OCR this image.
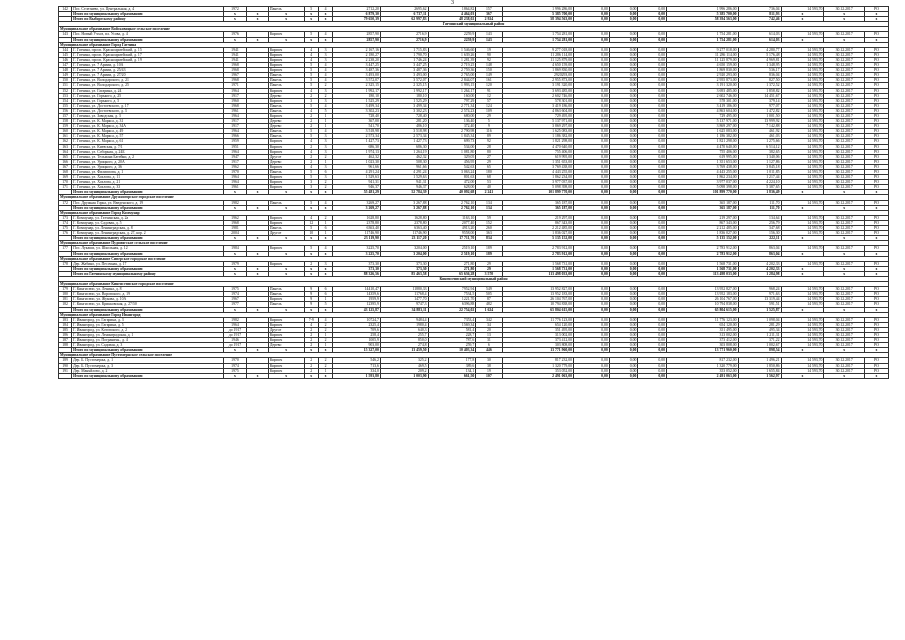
3
142	Пос. Селезнево, ул. Центральная, д. 4	1972		Панель	5	4	2712,20	2695,62	1864,82	157	1 996 286,00	0,00	0,00	0,00	1 996 286,00	736,04	14 593,70	30.12.2017	РО
	Итого по муниципальному образованию	x	x	x	x	x	6 879,30	6 737,11	4 464,03	367	5 385 700,00	0,00	0,00	0,00	5 385 700,00	811,93	x	x	x
	Итого по Выборгскому району	x	x	x	x	x	79 650,39	62 997,83	48 238,02	2 924	58 394 563,00	0,00	0,00	0,00	58 394 563,00	742,46	x	x	x
Гатчинский муниципальный район																			
Муниципальное образование Войсковицкое сельское поселение																			
143	Пос. Новый Учхоз, пл. Усова, д. 4	1976		Кирпич	5	4	2857,90	2716,9	2259,9	143	1 754 281,00	0,00	0,00	0,00	1 754 281,00	614,03	14 593,70	30.12.2017	РО
	Итого по муниципальному образованию	x	x	x	x	x	2857,90	2716,9	2259,9	143	1 754 281,00	0,00	0,00	0,00	1 754 281,00	614,03	x	x	x
Муниципальное образование Город Гатчина																			
144	Г. Гатчина, просп. Красноармейский, д. 15	1941		Кирпич	4	3	2 167,16	1 715,83	1 546,60	19	9 277 018,00	0,00	0,00	0,00	9 277 018,00	4 280,77	14 593,70	30.12.2017	РО
145	Г. Гатчина, просп. Красноармейский, д. 17	1941		Кирпич	4	3	2 180,27	1 790,70	1 639,26	90	11 286 114,00	0,00	0,00	0,00	11 286 114,00	5 176,48	14 593,70	30.12.2017	РО
146	Г. Гатчина, просп. Красноармейский, д. 19	1941		Кирпич	4	3	2 238,20	1 746,24	1 281,39	92	11 125 879,00	0,00	0,00	0,00	11 125 879,00	4 969,81	14 593,70	30.12.2017	РО
147	Г. Гатчина, ул. 7 Армии, д. 10А	1968		Кирпич	5	4	3 447,25	3 447,25	2 719,25	148	4 650 159,00	0,00	0,00	0,00	4 650 159,00	1 348,95	14 593,70	30.12.2017	РО
148	Г. Гатчина, ул. 7 Армии, д. 25/43	1968		Кирпич	5	4	3 487,36	3 487,36	2 759,36	150	1 869 830,00	0,00	0,00	0,00	1 869 830,00	536,17	14 593,70	30.12.2017	РО
149	Г. Гатчина, ул. 7 Армии, д. 27/20	1967		Панель	5	4	3 493,00	3 493,00	2 765,00	149	2920293,00	0,00	0,00	0,00	2 920 293,00	836,04	14 593,70	30.12.2017	РО
150	Г. Гатчина, ул. Володарского, д. 21	1968		Панель	5	4	3 572,07	3 572,07	2 844,07	161	2 955 873,00	0,00	0,00	0,00	2 955 873,00	827,50	14 593,70	30.12.2017	РО
151	Г. Гатчина, ул. Володарского, д. 25	1971		Панель	5	2	2 325,15	2 325,15	1 993,15	120	3 191 320,00	0,00	0,00	0,00	3 191 320,00	1 372,52	14 593,70	30.12.2017	РО
152	Г. Гатчина, ул. Гагарина, д. 24	1964		Кирпич	4	3	1 992,17	1 992,17	1 264,17	91	3 693 485,00	0,00	0,00	0,00	3 693 485,00	1 858,82	14 593,70	30.12.2017	РО
153	Г. Гатчина, ул. Горького, д. 25	1917		Дерево	2	2	180,10	180,10	160,00	12	2 602 746,00	0,00	0,00	0,00	2 602 746,00	14 451,67	14 593,70	30.12.2017	РО
154	Г. Гатчина, ул. Горького, д. 5	1960		Кирпич	3	3	1 525,29	1 525,29	797,29	57	578 301,00	0,00	0,00	0,00	578 301,00	379,14	14 593,70	30.12.2017	РО
155	Г. Гатчина, ул. Достоевского, д. 17	1968		Панель	5	4	3 499,34	3 499,34	2 771,34	124	3 419 186,00	0,00	0,00	0,00	3 419 186,00	977,07	14 593,70	30.12.2017	РО
156	Г. Гатчина, ул. Достоевского, д. 3	1961		Панель	4	5	3 302,23	3 302,23	2 574,23	109	4 863 604,00	0,00	0,00	0,00	4 863 604,00	1 472,82	14 593,70	30.12.2017	РО
157	Г. Гатчина, ул. Заводская, д. 3	1964		Кирпич	2	1	728,40	728,40	680,00	29	729 495,00	0,00	0,00	0,00	729 495,00	1 001,50	14 593,70	30.12.2017	РО
158	Г. Гатчина, ул. К. Маркса, д. 31	1917		Дерево	2	1	367,00	281,20	136,40	5	5 137 971,00	0,00	0,00	0,00	5 137 971,00	13 999,92	14 593,70	30.12.2017	РО
159	Г. Гатчина, ул. К. Маркса, д. 34А	1917		Дерево	2	1	541,70	486,10	372,40	9	3 869 297,00	0,00	0,00	0,00	3 869 297,00	7 142,88	14 593,70	30.12.2017	РО
160	Г. Гатчина, ул. К. Маркса, д. 49	1964		Панель	5	4	3 518,98	3 518,98	2 790,98	116	1 625 083,00	0,00	0,00	0,00	1 625 083,00	461,92	14 593,70	30.12.2017	РО
161	Г. Гатчина, ул. К. Маркса, д. 57	1966		Панель	5	3	2 573,34	2 573,34	1 845,34	89	1 186 382,00	0,00	0,00	0,00	1 186 382,00	461,03	14 593,70	30.12.2017	РО
162	Г. Гатчина, ул. К. Маркса, д. 61	1959		Кирпич	4	3	1 427,73	1 427,73	699,73	92	1 821 298,00	0,00	0,00	0,00	1 821 298,00	1 275,66	14 593,70	30.12.2017	РО
163	Г. Гатчина, ул. Киевская, д. 7/1	1951		Кирпич	2	3	686,30	686,30	534,00	28	4 470 640,00	0,00	0,00	0,00	4 470 640,00	6 514,12	14 593,70	30.12.2017	РО
164	Г. Гатчина, ул. Соборная, д. 24Б	1964		Кирпич	4	3	1 974,13	1 264,19	1 081,80	80	755 406,00	0,00	0,00	0,00	755 406,00	382,65	14 593,70	30.12.2017	РО
165	Г. Гатчина, ул. Тельмана Батейки, д. 2	1947		Другое	2	2	462,32	462,32	329,05	27	619 995,00	0,00	0,00	0,00	619 995,00	1 340,06	14 593,70	30.12.2017	РО
166	Г. Гатчина, ул. Урицкого, д. 20А	1917		Дерево	2	1	1 023,30	508,30	456,95	29	1 351 653,00	0,00	0,00	0,00	1 351 653,00	1 127,86	14 593,70	30.12.2017	РО
167	Г. Гатчина, ул. Урицкого, д. 36	1962		Кирпич	4	3	961,66	961,66	542,63	65	3 769 438,00	0,00	0,00	0,00	3 769 438,00	3 845,18	14 593,70	30.12.2017	РО
168	Г. Гатчина, ул. Филиппова, д. 1	1970		Панель	5	6	4 291,24	4 291,24	3 063,24	180	4 443 255,00	0,00	0,00	0,00	4 443 255,00	1 011,85	14 593,70	30.12.2017	РО
169	Г. Гатчина, ул. Хохлова, д. 11	1964		Кирпич	5	3	1 529,63	1 529,63	801,63	68	1 862 234,00	0,00	0,00	0,00	1 862 234,00	1 217,44	14 593,70	30.12.2017	РО
170	Г. Гатчина, ул. Хохлова, д. 21	1964		Кирпич	3	2	941,31	941,31	472,00	53	3 977 037,00	0,00	0,00	0,00	3 977 037,00	4 224,10	14 593,70	30.12.2017	РО
171	Г. Гатчина, ул. Хохлова, д. 33	1961		Кирпич	3	2	946,37	946,37	628,00	40	5 098 398,00	0,00	0,00	0,00	5 098 398,00	5 387,65	14 593,70	30.12.2017	РО
	Итого по муниципальному образованию	x	x	x	x	x	55 481,29	52 784,39	40 092,68	2 241	101 899 770,00	0,00	0,00	0,00	101 899 770,00	1 836,49	x	x	x
Муниципальное образование Дружногорское городское поселение																			
172	Пос. Дружная Горка, ул. Введенского, д. 19	1982		Панель	5	4	3269,27	3 267,88	2 762,10	134	365 187,00	0,00	0,00	0,00	365 187,00	111,70	14 593,70	30.12.2017	РО
	Итого по муниципальному образованию	x	x	x	x	x	3 269,27	3 267,88	2 762,10	134	365 187,00	0,00	0,00	0,00	365 187,00	111,70	x	x	x
Муниципальное образование Город Коммунар																			
173	Г. Коммунар, ул. Гатчинская, д. 2а	1962		Кирпич	4	2	1628,80	1628,80	1163,10	59	219 297,00	0,00	0,00	0,00	219 297,00	134,64	14 593,70	30.12.2017	РО
174	Г. Коммунар, ул. Садовая, д. 5	1968		Кирпич	12	1	2378,80	2378,80	2077,40	152	867 343,00	0,00	0,00	0,00	867 343,00	256,79	14 593,70	30.12.2017	РО
175	Г. Коммунар, ул. Ленинградская, д. 8	1981		Панель	5	6	6363,40	6363,40	4913,20	260	2 212 485,00	0,00	0,00	0,00	2 212 485,00	347,68	14 593,70	30.12.2017	РО
176	Г. Коммунар, ул. Ленинградская, д. 27, кор. 2	2004		Другое	10	1	11746,90	11746,90	9558,00	363	1 836 027,00	0,00	0,00	0,00	1 836 027,00	156,30	14 593,70	30.12.2017	РО
	Итого по муниципальному образованию	x	x	x	x	x	23 119,90	23 117,20	17 711,70	834	5 135 152,00	0,00	0,00	0,00	5 135 152,00	222,11	x	x	x
Муниципальное образование Пудомягское сельское поселение																			
177	Пос. Лукаши, ул. Школьная, д. 12	1984		Кирпич	5	4	3225,70	3204,00	2519,10	189	2 783 912,00	0,00	0,00	0,00	2 783 912,00	863,04	14 593,70	30.12.2017	РО
	Итого по муниципальному образованию	x	x	x	x	x	3 225,70	3 204,00	2 519,10	189	2 783 912,00	0,00	0,00	0,00	2 783 912,00	863,04	x	x	x
Муниципальное образование Сиверское городское поселение																			
178	Дер. Жабино, ул. Песочная, д. 17	1979		Кирпич	2	3	373,30	373,30	271,80	29	1 568 731,00	0,00	0,00	0,00	1 568 731,00	4 202,33	14 593,70	30.12.2017	РО
	Итого по муниципальному образованию	x	x	x	x	x	373,30	373,30	271,80	29	1 568 731,00	0,00	0,00	0,00	1 568 731,00	4 202,33	x	x	x
	Итого по Гатчинскому муниципальному району	x	x	x	x	x	88 326,56	85 463,58	65 636,28	3 570	113 498 033,00	0,00	0,00	0,00	113 498 033,00	1 284,98	x	x	x
Кингисеппский муниципальный район																			
Муниципальное образование Кингисеппское городское поселение																			
179	Г. Кингисепп, ул. Ленина, д. 8	1975		Панель	9	6	14410,47	11880,33	7952,94	549	13 952 827,00	0,00	0,00	0,00	13 952 827,00	968,24	14 593,70	30.12.2017	РО
180	Г. Кингисепп, ул. Воровского, д. 19	1974		Панель	9	6	14359,6	11768,4	7534,5	505	13 952 183,00	0,00	0,00	0,00	13 952 183,00	971,63	14 593,70	30.12.2017	РО
181	Г. Кингисепп, ул. Жукова, д. 10А	1967		Кирпич	9	1	1959,9	1477,70	1221,70	87	26 104 767,00	0,00	0,00	0,00	26 104 767,00	13 319,44	14 593,70	30.12.2017	РО
182	Г. Кингисепп, ул. Крикковская, д. 27/50	1977		Панель	9	5	12395,9	9747,3	6396,88	482	10 794 838,00	0,00	0,00	0,00	10 794 838,00	591,51	14 593,70	30.12.2017	РО
	Итого по муниципальному образованию	x	x	x	x	x	43 125,87	34 883,11	22 754,02	1 624	65 804 615,00	0,00	0,00	0,00	65 804 615,00	1 525,87	x	x	x
Муниципальное образование Город Ивангород																			
183	Г. Ивангород, ул. Гагарина, д. 3	1982		Кирпич	7-9	4	10724,7	9484,4	7353,4	342	11 776 123,00	0,00	0,00	0,00	11 776 123,00	1 098,04	14 593,70	30.12.2017	РО
184	Г. Ивангород, ул. Гагарина, д. 5	1964		Кирпич	4	2	2325,4	1980,4	1569,34	34	654 120,00	0,00	0,00	0,00	654 120,00	281,29	14 593,70	30.12.2017	РО
185	Г. Ивангород, ул. Котовского, д. 2	до 1917		Другое	2	2	709,6	640,3	581,4	20	351 495,00	0,00	0,00	0,00	351 495,00	495,34	14 593,70	30.12.2017	РО
186	Г. Ивангород, ул. Ленинградская, д. 1	до 1917		Кирпич	2	1	258,4	255,7	228,7	13	313 002,00	0,00	0,00	0,00	313 002,00	1 211,31	14 593,70	30.12.2017	РО
187	Г. Ивангород, ул. Пограничн., д. 4	1946		Кирпич	2	2	1005,9	850,0	787,6	31	373 412,00	0,00	0,00	0,00	373 412,00	371,22	14 593,70	30.12.2017	РО
188	Г. Ивангород, ул. Садовая, д. 3	до 1917		Дерево	2	1	903,00	274,8	259,7	6	303 808,00	0,00	0,00	0,00	303 808,00	1 002,67	14 593,70	30.12.2017	РО
	Итого по муниципальному образованию	x	x	x	x	x	15 327,00	13 459,50	10 403,34	446	13 771 960,00	0,00	0,00	0,00	13 771 960,00	898,54	x	x	x
Муниципальное образование Пустомержское сельское поселение																			
189	Дер. Б. Пустомержа, д. 1	1970		Кирпич	2	2	546,2	325,2	177,8	30	817 232,00	0,00	0,00	0,00	817 232,00	1 496,21	14 593,70	30.12.2017	РО
190	Дер. Б. Пустомержа, д. 3	1974		Кирпич	2	2	713,6	469,5	389,6	38	1 320 779,00	0,00	0,00	0,00	1 320 779,00	1 850,86	14 593,70	30.12.2017	РО
191	Дер. Манuйлово, д. 2	1975		Кирпич	2	1	334,0	209,2	134,1	19	353 052,00	0,00	0,00	0,00	353 052,00	1 655,84	14 593,70	30.12.2017	РО
	Итого по муниципальному образованию	x	x	x	x	x	1 593,80	1 003,90	661,50	107	2 491 063,00	0,00	0,00	0,00	2 491 063,00	1 562,97	x	x	x
